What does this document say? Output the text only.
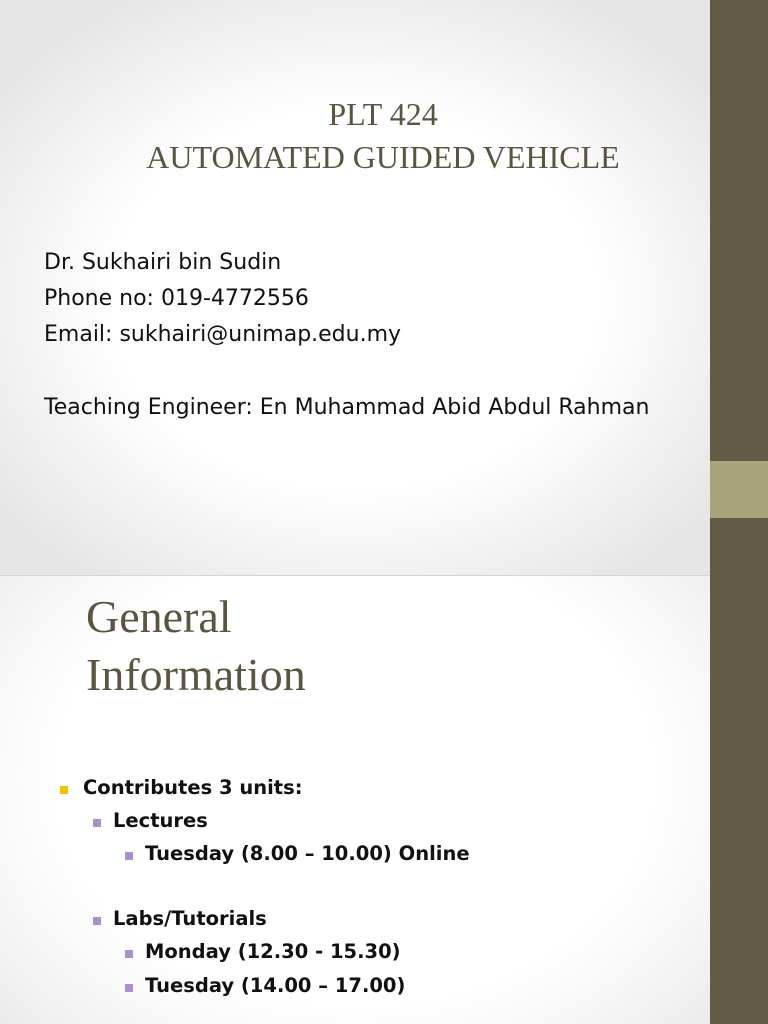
PLT 424
AUTOMATED GUIDED VEHICLE
Dr. Sukhairi bin Sudin
Phone no: 019-4772556
Email: sukhairi@unimap.edu.my
Teaching Engineer: En Muhammad Abid Abdul Rahman
General
Information
Contributes 3 units:
Lectures
Tuesday (8.00 – 10.00) Online
Labs/Tutorials
Monday (12.30 - 15.30)
Tuesday (14.00 – 17.00)
